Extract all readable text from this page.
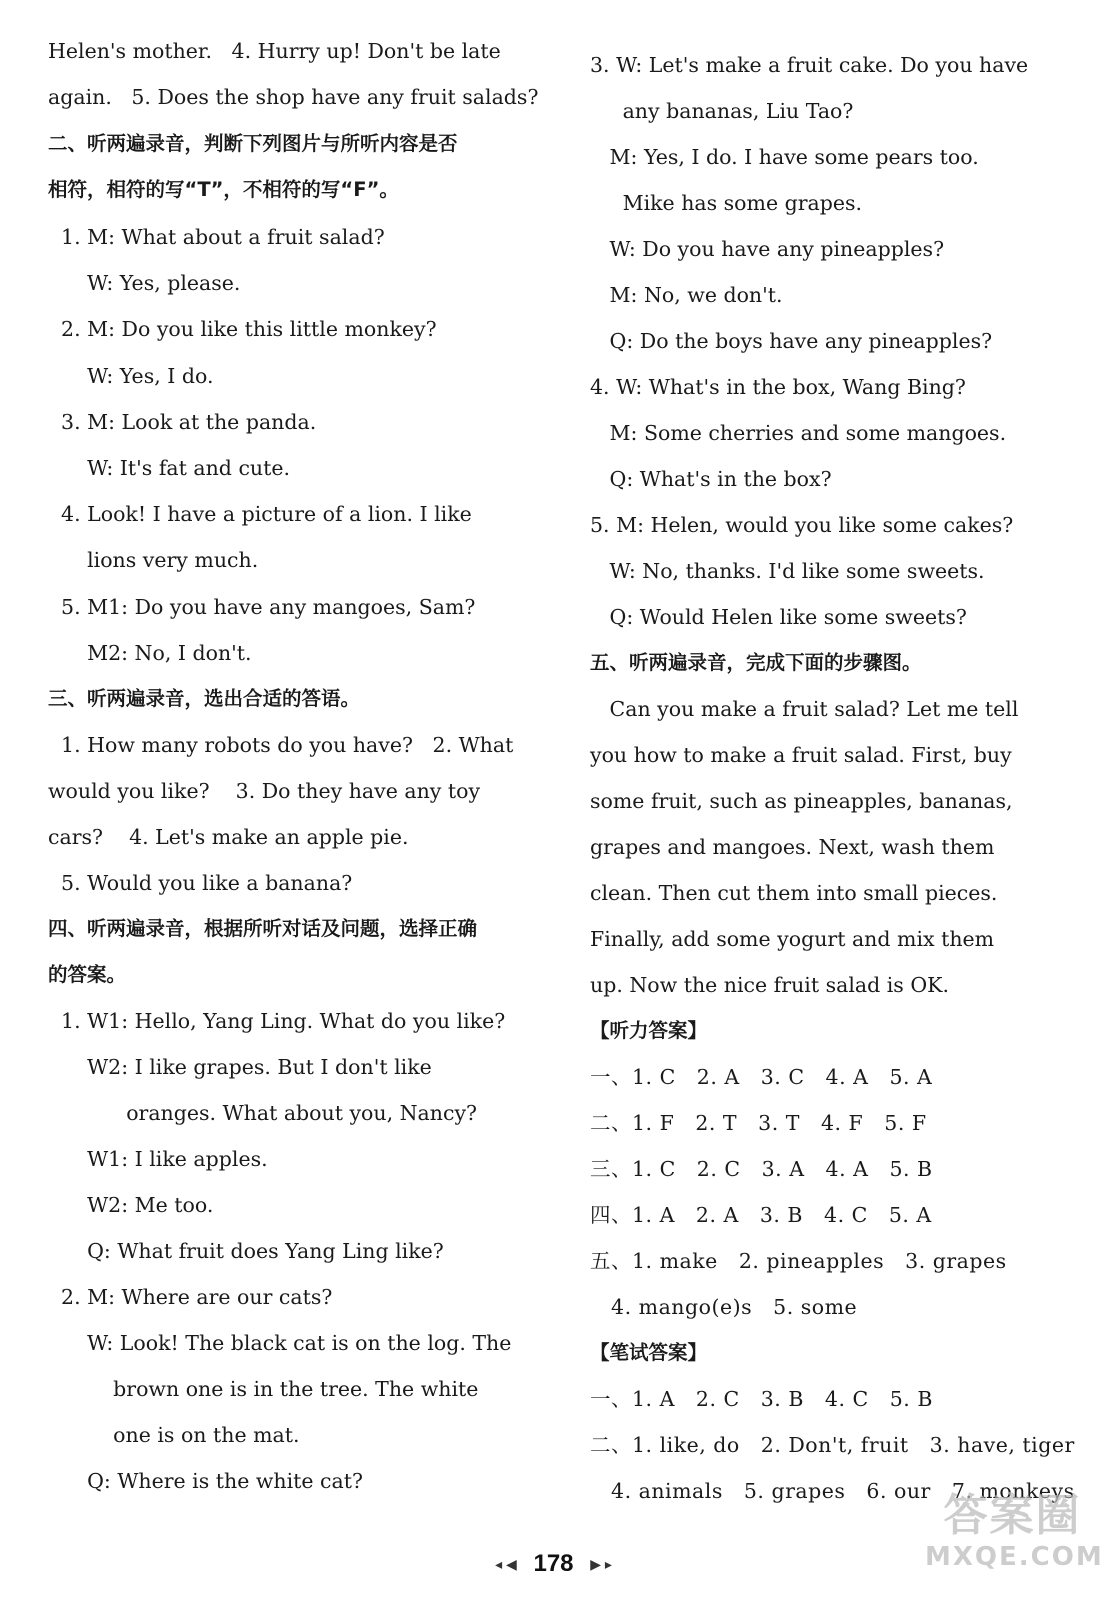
Helen's mother.   4. Hurry up! Don't be late
again.   5. Does the shop have any fruit salads?
二、听两遍录音，判断下列图片与所听内容是否
相符，相符的写“T”，不相符的写“F”。
1. M: What about a fruit salad?
W: Yes, please.
2. M: Do you like this little monkey?
W: Yes, I do.
3. M: Look at the panda.
W: It's fat and cute.
4. Look! I have a picture of a lion. I like
lions very much.
5. M1: Do you have any mangoes, Sam?
M2: No, I don't.
三、听两遍录音，选出合适的答语。
1. How many robots do you have?   2. What
would you like?    3. Do they have any toy
cars?    4. Let's make an apple pie.
5. Would you like a banana?
四、听两遍录音，根据所听对话及问题，选择正确
的答案。
1. W1: Hello, Yang Ling. What do you like?
W2: I like grapes. But I don't like
oranges. What about you, Nancy?
W1: I like apples.
W2: Me too.
Q: What fruit does Yang Ling like?
2. M: Where are our cats?
W: Look! The black cat is on the log. The
brown one is in the tree. The white
one is on the mat.
Q: Where is the white cat?
3. W: Let's make a fruit cake. Do you have
any bananas, Liu Tao?
M: Yes, I do. I have some pears too.
Mike has some grapes.
W: Do you have any pineapples?
M: No, we don't.
Q: Do the boys have any pineapples?
4. W: What's in the box, Wang Bing?
M: Some cherries and some mangoes.
Q: What's in the box?
5. M: Helen, would you like some cakes?
W: No, thanks. I'd like some sweets.
Q: Would Helen like some sweets?
五、听两遍录音，完成下面的步骤图。
Can you make a fruit salad? Let me tell
you how to make a fruit salad. First, buy
some fruit, such as pineapples, bananas,
grapes and mangoes. Next, wash them
clean. Then cut them into small pieces.
Finally, add some yogurt and mix them
up. Now the nice fruit salad is OK.
【听力答案】
一、1. C   2. A   3. C   4. A   5. A
二、1. F   2. T   3. T   4. F   5. F
三、1. C   2. C   3. A   4. A   5. B
四、1. A   2. A   3. B   4. C   5. A
五、1. make   2. pineapples   3. grapes
4. mango(e)s   5. some
【笔试答案】
一、1. A   2. C   3. B   4. C   5. B
二、1. like, do   2. Don't, fruit   3. have, tiger
4. animals   5. grapes   6. our   7. monkeys
◂ ◀ 178 ▶ ▸
答案圈
MXQE.COM
